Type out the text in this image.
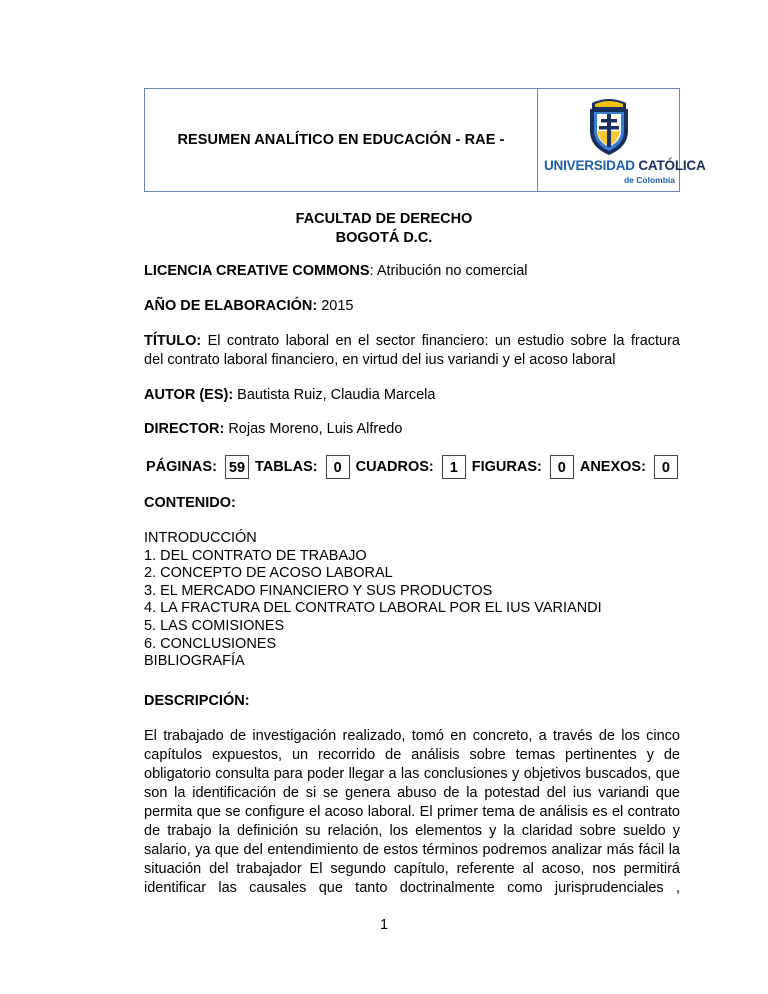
RESUMEN ANALÍTICO EN EDUCACIÓN - RAE -
UNIVERSIDAD CATÓLICA
de Colombia
FACULTAD DE DERECHO
BOGOTÁ D.C.
LICENCIA CREATIVE COMMONS: Atribución no comercial
AÑO DE ELABORACIÓN: 2015
TÍTULO: El contrato laboral en el sector financiero: un estudio sobre la fractura
del contrato laboral financiero, en virtud del ius variandi y el acoso laboral
AUTOR (ES): Bautista Ruiz, Claudia Marcela
DIRECTOR: Rojas Moreno, Luis Alfredo
PÁGINAS: 59 TABLAS:	0 CUADROS:	1 FIGURAS:	0 ANEXOS:	0
CONTENIDO:
INTRODUCCIÓN
1. DEL CONTRATO DE TRABAJO
2. CONCEPTO DE ACOSO LABORAL
3. EL MERCADO FINANCIERO Y SUS PRODUCTOS
4. LA FRACTURA DEL CONTRATO LABORAL POR EL IUS VARIANDI
5. LAS COMISIONES
6. CONCLUSIONES
BIBLIOGRAFÍA
DESCRIPCIÓN:
El trabajado de investigación realizado, tomó en concreto, a través de los cinco
capítulos expuestos, un recorrido de análisis sobre temas pertinentes y de
obligatorio consulta para poder llegar a las conclusiones y objetivos buscados, que
son la identificación de si se genera abuso de la potestad del ius variandi que
permita que se configure el acoso laboral. El primer tema de análisis es el contrato
de trabajo la definición su relación, los elementos y la claridad sobre sueldo y
salario, ya que del entendimiento de estos términos podremos analizar más fácil la
situación del trabajador El segundo capítulo, referente al acoso, nos permitirá
identificar las causales que tanto doctrinalmente como jurisprudenciales ,
1
